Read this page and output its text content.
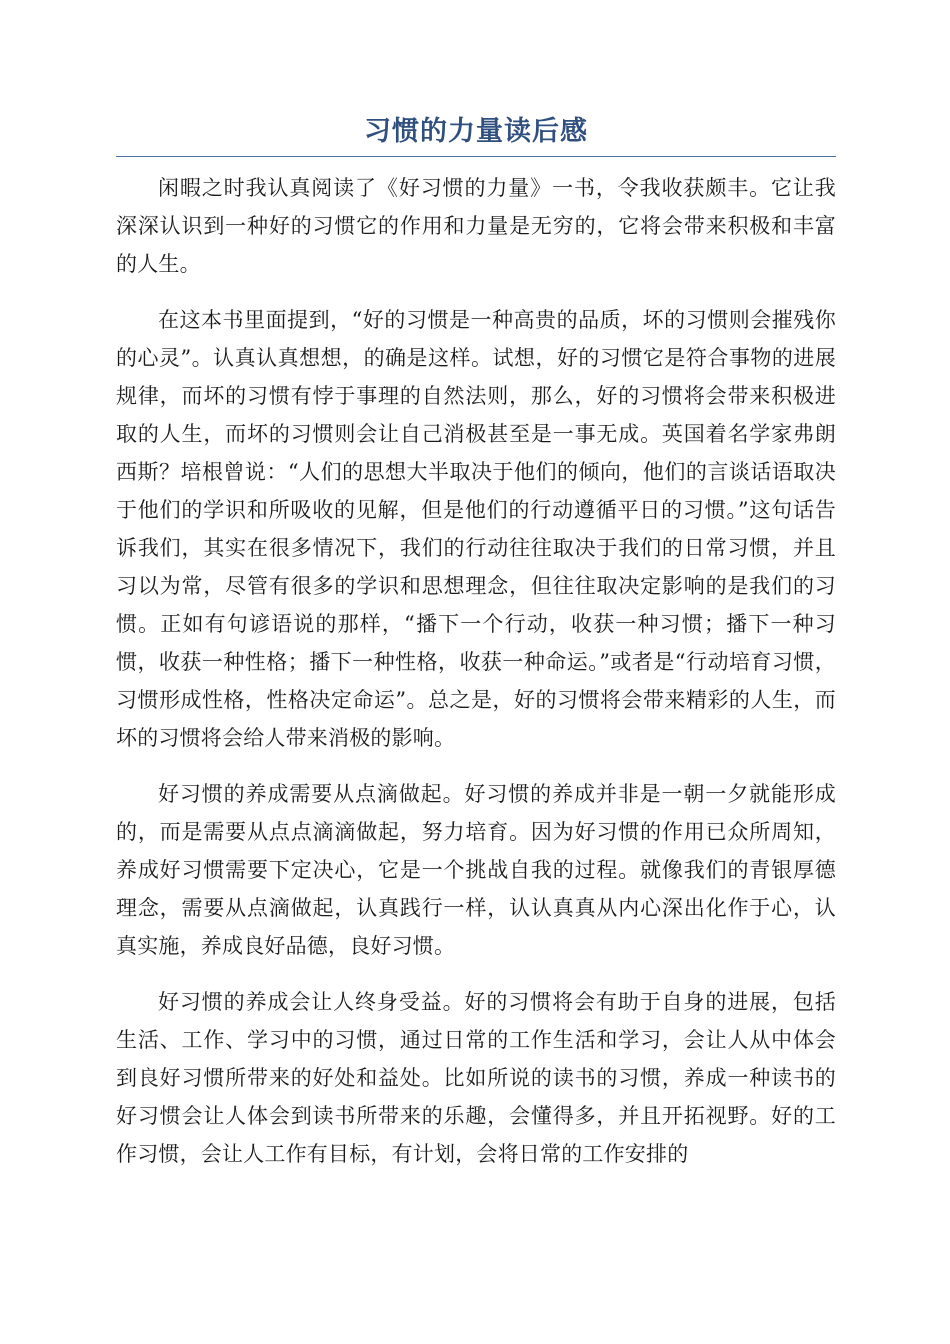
习惯的力量读后感

闲暇之时我认真阅读了《好习惯的力量》一书，令我收获颇丰。它让我深深认识到一种好的习惯它的作用和力量是无穷的，它将会带来积极和丰富的人生。

在这本书里面提到，“好的习惯是一种高贵的品质，坏的习惯则会摧残你的心灵”。认真认真想想，的确是这样。试想，好的习惯它是符合事物的进展规律，而坏的习惯有悖于事理的自然法则，那么，好的习惯将会带来积极进取的人生，而坏的习惯则会让自己消极甚至是一事无成。英国着名学家弗朗西斯？培根曾说：“人们的思想大半取决于他们的倾向，他们的言谈话语取决于他们的学识和所吸收的见解，但是他们的行动遵循平日的习惯。”这句话告诉我们，其实在很多情况下，我们的行动往往取决于我们的日常习惯，并且习以为常，尽管有很多的学识和思想理念，但往往取决定影响的是我们的习惯。正如有句谚语说的那样，“播下一个行动，收获一种习惯；播下一种习惯，收获一种性格；播下一种性格，收获一种命运。”或者是“行动培育习惯，习惯形成性格，性格决定命运”。总之是，好的习惯将会带来精彩的人生，而坏的习惯将会给人带来消极的影响。

好习惯的养成需要从点滴做起。好习惯的养成并非是一朝一夕就能形成的，而是需要从点点滴滴做起，努力培育。因为好习惯的作用已众所周知，养成好习惯需要下定决心，它是一个挑战自我的过程。就像我们的青银厚德理念，需要从点滴做起，认真践行一样，认认真真从内心深出化作于心，认真实施，养成良好品德，良好习惯。

好习惯的养成会让人终身受益。好的习惯将会有助于自身的进展，包括生活、工作、学习中的习惯，通过日常的工作生活和学习，会让人从中体会到良好习惯所带来的好处和益处。比如所说的读书的习惯，养成一种读书的好习惯会让人体会到读书所带来的乐趣，会懂得多，并且开拓视野。好的工作习惯，会让人工作有目标，有计划，会将日常的工作安排的
